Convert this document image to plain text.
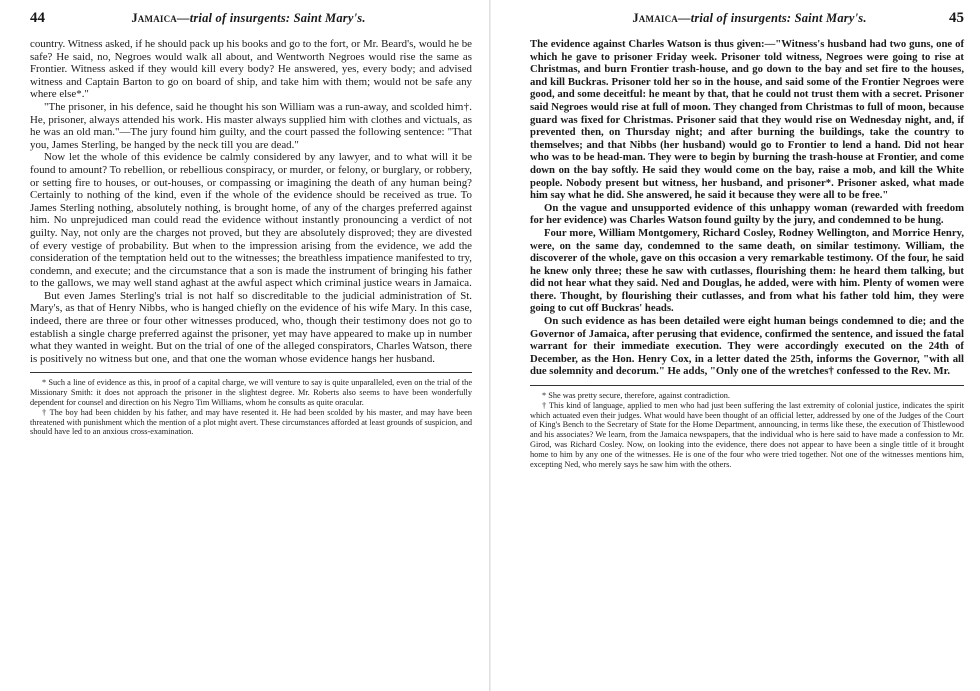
44	Jamaica—trial of insurgents: Saint Mary's.

country. Witness asked, if he should pack up his books and go to the fort, or Mr. Beard's, would he be safe? He said, no, Negroes would walk all about, and Wentworth Negroes would rise the same as Frontier. Witness asked if they would kill every body? He answered, yes, every body; and advised witness and Captain Barton to go on board of ship, and take him with them; would not be safe any where else*."

"The prisoner, in his defence, said he thought his son William was a run-away, and scolded him†. He, prisoner, always attended his work. His master always supplied him with clothes and victuals, as he was an old man."—The jury found him guilty, and the court passed the following sentence: "That you, James Sterling, be hanged by the neck till you are dead."

Now let the whole of this evidence be calmly considered by any lawyer, and to what will it be found to amount? To rebellion, or rebellious conspiracy, or murder, or felony, or burglary, or robbery, or setting fire to houses, or out-houses, or compassing or imagining the death of any human being? Certainly to nothing of the kind, even if the whole of the evidence should be received as true. To James Sterling nothing, absolutely nothing, is brought home, of any of the charges preferred against him. No unprejudiced man could read the evidence without instantly pronouncing a verdict of not guilty. Nay, not only are the charges not proved, but they are absolutely disproved; they are divested of every vestige of probability. But when to the impression arising from the evidence, we add the consideration of the temptation held out to the witnesses; the breathless impatience manifested to try, condemn, and execute; and the circumstance that a son is made the instrument of bringing his father to the gallows, we may well stand aghast at the awful aspect which criminal justice wears in Jamaica.

But even James Sterling's trial is not half so discreditable to the judicial administration of St. Mary's, as that of Henry Nibbs, who is hanged chiefly on the evidence of his wife Mary. In this case, indeed, there are three or four other witnesses produced, who, though their testimony does not go to establish a single charge preferred against the prisoner, yet may have appeared to make up in number what they wanted in weight. But on the trial of one of the alleged conspirators, Charles Watson, there is positively no witness but one, and that one the woman whose evidence hangs her husband.

* Such a line of evidence as this, in proof of a capital charge, we will venture to say is quite unparalleled, even on the trial of the Missionary Smith: it does not approach the prisoner in the slightest degree. Mr. Roberts also seems to have been wonderfully dependent for counsel and direction on his Negro Tim Williams, whom he consults as quite oracular.

† The boy had been chidden by his father, and may have resented it. He had been scolded by his master, and may have been threatened with punishment which the mention of a plot might avert. These circumstances afforded at least grounds of suspicion, and should have led to an anxious cross-examination.

Jamaica—trial of insurgents: Saint Mary's.	45

The evidence against Charles Watson is thus given:—"Witness's husband had two guns, one of which he gave to prisoner Friday week. Prisoner told witness, Negroes were going to rise at Christmas, and burn Frontier trash-house, and go down to the bay and set fire to the houses, and kill Buckras. Prisoner told her so in the house, and said some of the Frontier Negroes were good, and some deceitful: he meant by that, that he could not trust them with a secret. Prisoner said Negroes would rise at full of moon. They changed from Christmas to full of moon, because guard was fixed for Christmas. Prisoner said that they would rise on Wednesday night, and, if prevented then, on Thursday night; and after burning the buildings, take the country to themselves; and that Nibbs (her husband) would go to Frontier to lend a hand. Did not hear who was to be head-man. They were to begin by burning the trash-house at Frontier, and come down on the bay softly. He said they would come on the bay, raise a mob, and kill the White people. Nobody present but witness, her husband, and prisoner*. Prisoner asked, what made him say what he did. She answered, he said it because they were all to be free."

On the vague and unsupported evidence of this unhappy woman (rewarded with freedom for her evidence) was Charles Watson found guilty by the jury, and condemned to be hung.

Four more, William Montgomery, Richard Cosley, Rodney Wellington, and Morrice Henry, were, on the same day, condemned to the same death, on similar testimony. William, the discoverer of the whole, gave on this occasion a very remarkable testimony. Of the four, he said he knew only three; these he saw with cutlasses, flourishing them: he heard them talking, but did not hear what they said. Ned and Douglas, he added, were with him. Plenty of women were there. Thought, by flourishing their cutlasses, and from what his father told him, they were going to cut off Buckras' heads.

On such evidence as has been detailed were eight human beings condemned to die; and the Governor of Jamaica, after perusing that evidence, confirmed the sentence, and issued the fatal warrant for their immediate execution. They were accordingly executed on the 24th of December, as the Hon. Henry Cox, in a letter dated the 25th, informs the Governor, "with all due solemnity and decorum." He adds, "Only one of the wretches† confessed to the Rev. Mr.

* She was pretty secure, therefore, against contradiction.

† This kind of language, applied to men who had just been suffering the last extremity of colonial justice, indicates the spirit which actuated even their judges. What would have been thought of an official letter, addressed by one of the Judges of the Court of King's Bench to the Secretary of State for the Home Department, announcing, in terms like these, the execution of Thistlewood and his associates? We learn, from the Jamaica newspapers, that the individual who is here said to have made a confession to Mr. Girod, was Richard Cosley. Now, on looking into the evidence, there does not appear to have been a single tittle of it brought home to him by any one of the witnesses. He is one of the four who were tried together. Not one of the witnesses mentions him, excepting Ned, who merely says he saw him with the others.
